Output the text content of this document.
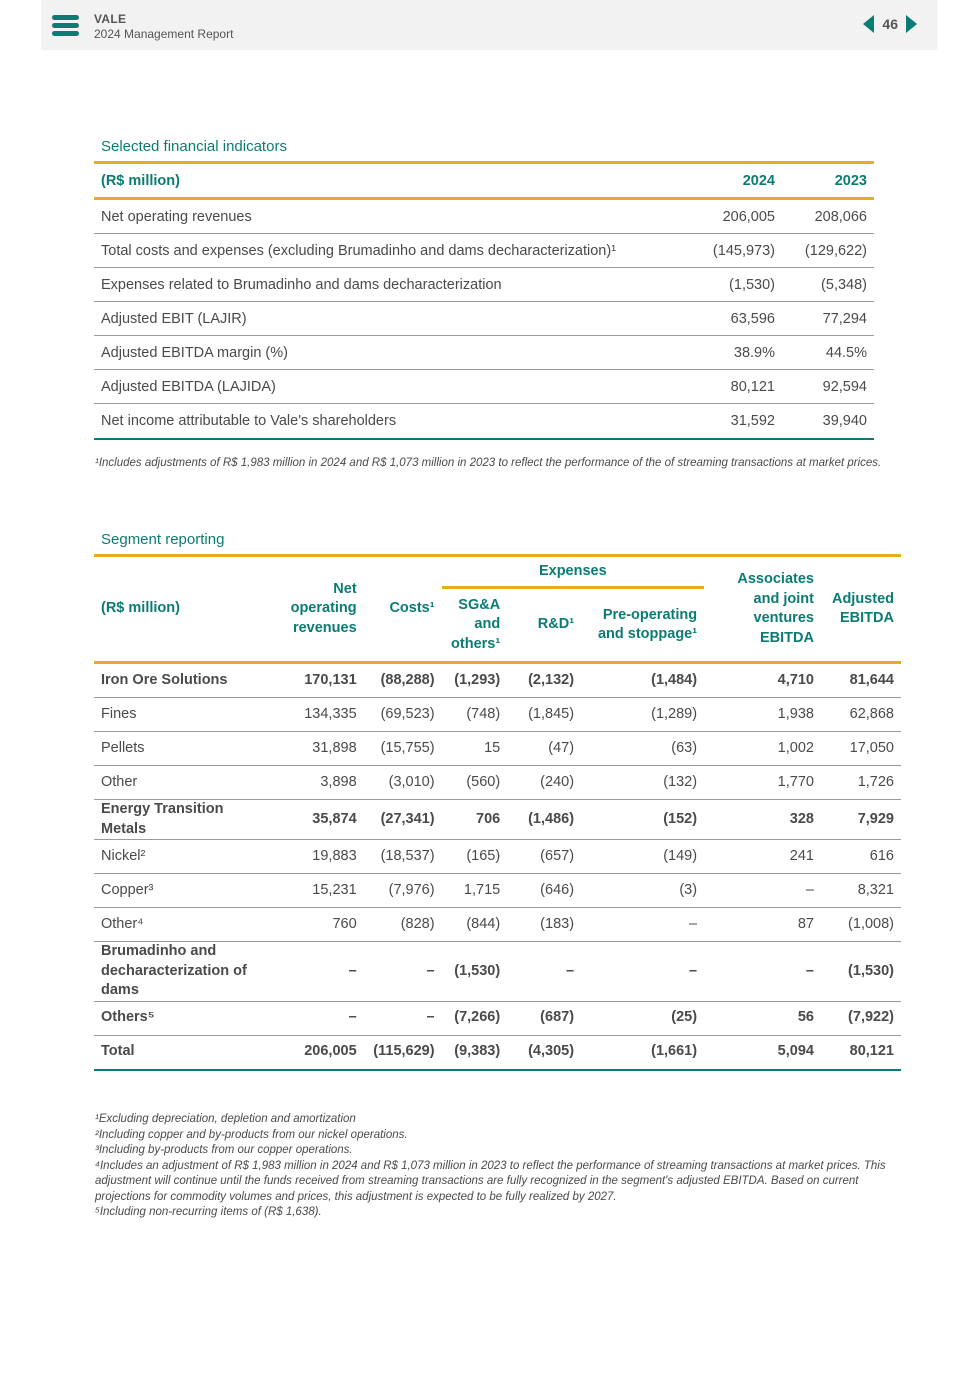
VALE
2024 Management Report
46
Selected financial indicators
(R$ million)	2024	2023
Net operating revenues	206,005	208,066
Total costs and expenses (excluding Brumadinho and dams decharacterization)¹	(145,973)	(129,622)
Expenses related to Brumadinho and dams decharacterization	(1,530)	(5,348)
Adjusted EBIT (LAJIR)	63,596	77,294
Adjusted EBITDA margin (%)	38.9%	44.5%
Adjusted EBITDA (LAJIDA)	80,121	92,594
Net income attributable to Vale's shareholders	31,592	39,940
¹Includes adjustments of R$ 1,983 million in 2024 and R$ 1,073 million in 2023 to reflect the performance of the of streaming transactions at market prices.
Segment reporting
(R$ million)	Net operating revenues	Costs¹	Expenses			Associates and joint ventures EBITDA	Adjusted EBITDA
			SG&A and others¹	R&D¹	Pre-operating and stoppage¹		
Iron Ore Solutions	170,131	(88,288)	(1,293)	(2,132)	(1,484)	4,710	81,644
Fines	134,335	(69,523)	(748)	(1,845)	(1,289)	1,938	62,868
Pellets	31,898	(15,755)	15	(47)	(63)	1,002	17,050
Other	3,898	(3,010)	(560)	(240)	(132)	1,770	1,726
Energy Transition Metals	35,874	(27,341)	706	(1,486)	(152)	328	7,929
Nickel²	19,883	(18,537)	(165)	(657)	(149)	241	616
Copper³	15,231	(7,976)	1,715	(646)	(3)	–	8,321
Other⁴	760	(828)	(844)	(183)	–	87	(1,008)
Brumadinho and decharacterization of dams	–	–	(1,530)	–	–	–	(1,530)
Others⁵	–	–	(7,266)	(687)	(25)	56	(7,922)
Total	206,005	(115,629)	(9,383)	(4,305)	(1,661)	5,094	80,121
¹Excluding depreciation, depletion and amortization
²Including copper and by-products from our nickel operations.
³Including by-products from our copper operations.
⁴Includes an adjustment of R$ 1,983 million in 2024 and R$ 1,073 million in 2023 to reflect the performance of streaming transactions at market prices. This adjustment will continue until the funds received from streaming transactions are fully recognized in the segment's adjusted EBITDA. Based on current projections for commodity volumes and prices, this adjustment is expected to be fully realized by 2027.
⁵Including non-recurring items of (R$ 1,638).
